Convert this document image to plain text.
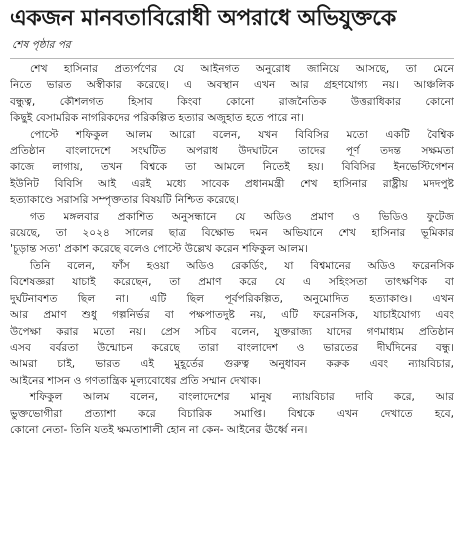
একজন মানবতাবিরোধী অপরাধে অভিযুক্তকে
শেষ পৃষ্ঠার পর

শেখ হাসিনার প্রত্যর্পণের যে আইনগত অনুরোধ জানিয়ে আসছে, তা মেনে
নিতে ভারত অস্বীকার করেছে। এ অবস্থান এখন আর গ্রহণযোগ্য নয়। আঞ্চলিক
বন্ধুত্ব, কৌশলগত হিসাব কিংবা কোনো রাজনৈতিক উত্তরাধিকার কোনো
কিছুই বেসামরিক নাগরিকদের পরিকল্পিত হত্যার অজুহাত হতে পারে না।

পোস্টে শফিকুল আলম আরো বলেন, যখন বিবিসির মতো একটি বৈশ্বিক
প্রতিষ্ঠান বাংলাদেশে সংঘটিত অপরাধ উদঘাটনে তাদের পূর্ণ তদন্ত সক্ষমতা
কাজে লাগায়, তখন বিশ্বকে তা আমলে নিতেই হয়। বিবিসির ইনভেস্টিগেশন
ইউনিট বিবিসি আই এরই মধ্যে সাবেক প্রধানমন্ত্রী শেখ হাসিনার রাষ্ট্রীয় মদদপুষ্ট
হত্যাকাণ্ডে সরাসরি সম্পৃক্ততার বিষয়টি নিশ্চিত করেছে।

গত মঙ্গলবার প্রকাশিত অনুসন্ধানে যে অডিও প্রমাণ ও ভিডিও ফুটেজ
রয়েছে, তা ২০২৪ সালের ছাত্র বিক্ষোভ দমন অভিযানে শেখ হাসিনার ভূমিকার
'চূড়ান্ত সত্য' প্রকাশ করেছে বলেও পোস্টে উল্লেখ করেন শফিকুল আলম।

তিনি বলেন, ফাঁস হওয়া অডিও রেকর্ডিং, যা বিশ্বমানের অডিও ফরেনসিক
বিশেষজ্ঞরা যাচাই করেছেন, তা প্রমাণ করে যে এ সহিংসতা তাৎক্ষণিক বা
দুর্ঘটনাবশত ছিল না। এটি ছিল পূর্বপরিকল্পিত, অনুমোদিত হত্যাকাণ্ড। এখন
আর প্রমাণ শুধু গল্পনির্ভর বা পক্ষপাতদুষ্ট নয়, এটি ফরেনসিক, যাচাইযোগ্য এবং
উপেক্ষা করার মতো নয়। প্রেস সচিব বলেন, যুক্তরাজ্য যাদের গণমাধ্যম প্রতিষ্ঠান
এসব বর্বরতা উন্মোচন করেছে তারা বাংলাদেশ ও ভারতের দীর্ঘদিনের বন্ধু।
আমরা চাই, ভারত এই মুহূর্তের গুরুত্ব অনুধাবন করুক এবং ন্যায়বিচার,
আইনের শাসন ও গণতান্ত্রিক মূল্যবোধের প্রতি সম্মান দেখাক।

শফিকুল আলম বলেন, বাংলাদেশের মানুষ ন্যায়বিচার দাবি করে, আর
ভুক্তভোগীরা প্রত্যাশা করে বিচারিক সমাপ্তি। বিশ্বকে এখন দেখাতে হবে,
কোনো নেতা- তিনি যতই ক্ষমতাশালী হোন না কেন- আইনের ঊর্ধ্বে নন।
